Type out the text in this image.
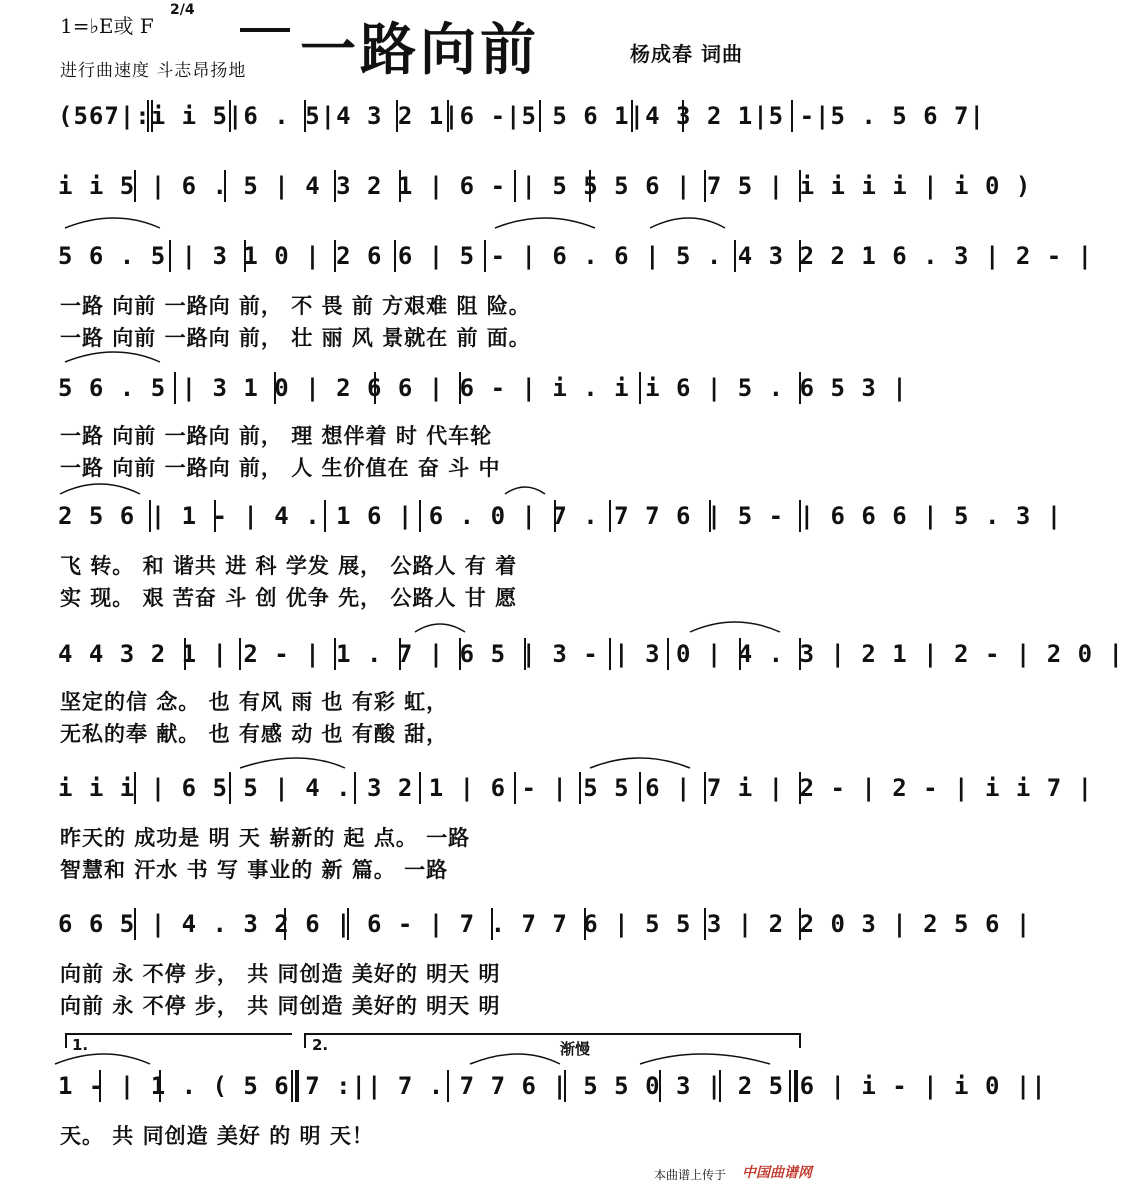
1=♭E或 F
2/4
一路向前
进行曲速度 斗志昂扬地
杨成春 词曲
(567|:i i 5|6 . 5|4 3 2 1|6 -|5 5 6 1|4 3 2 1|5 -|5 . 5 6 7|
i i 5 | 6 . 5 | 4 3 2 1 | 6 - | 5 5 5 6 | 7 5 | i i i i | i 0 )
5 6 . 5 | 3 1 0 | 2 6 6 | 5 - | 6 . 6 | 5 . 4 3 2 2 1 6 . 3 | 2 - |
一路 向前 一路向 前， 不 畏 前 方艰难 阻 险。
一路 向前 一路向 前， 壮 丽 风 景就在 前 面。
5 6 . 5 | 3 1 0 | 2 6 6 | 6 - | i . i i 6 | 5 . 6 5 3 |
一路 向前 一路向 前， 理 想伴着 时 代车轮
一路 向前 一路向 前， 人 生价值在 奋 斗 中
2 5 6 | 1 - | 4 . 1 6 | 6 . 0 | 7 . 7 7 6 | 5 - | 6 6 6 | 5 . 3 |
飞 转。 和 谐共 进 科 学发 展， 公路人 有 着
实 现。 艰 苦奋 斗 创 优争 先， 公路人 甘 愿
4 4 3 2 1 | 2 - | 1 . 7 | 6 5 | 3 - | 3 0 | 4 . 3 | 2 1 | 2 - | 2 0 |
坚定的信 念。 也 有风 雨 也 有彩 虹，
无私的奉 献。 也 有感 动 也 有酸 甜，
i i i | 6 5 5 | 4 . 3 2 1 | 6 - | 5 5 6 | 7 i | 2 - | 2 - | i i 7 |
昨天的 成功是 明 天 崭新的 起 点。 一路
智慧和 汗水 书 写 事业的 新 篇。 一路
6 6 5 | 4 . 3 2 6 | 6 - | 7 . 7 7 6 | 5 5 3 | 2 2 0 3 | 2 5 6 |
向前 永 不停 步， 共 同创造 美好的 明天 明
向前 永 不停 步， 共 同创造 美好的 明天 明
1.	2.	渐慢
1 - | 1 . ( 5 6 7 :|| 7 . 7 7 6 | 5 5 0 3 | 2 5 6 | i - | i 0 ||
天。 共 同创造 美好 的 明 天！
本曲谱上传于 中国曲谱网
